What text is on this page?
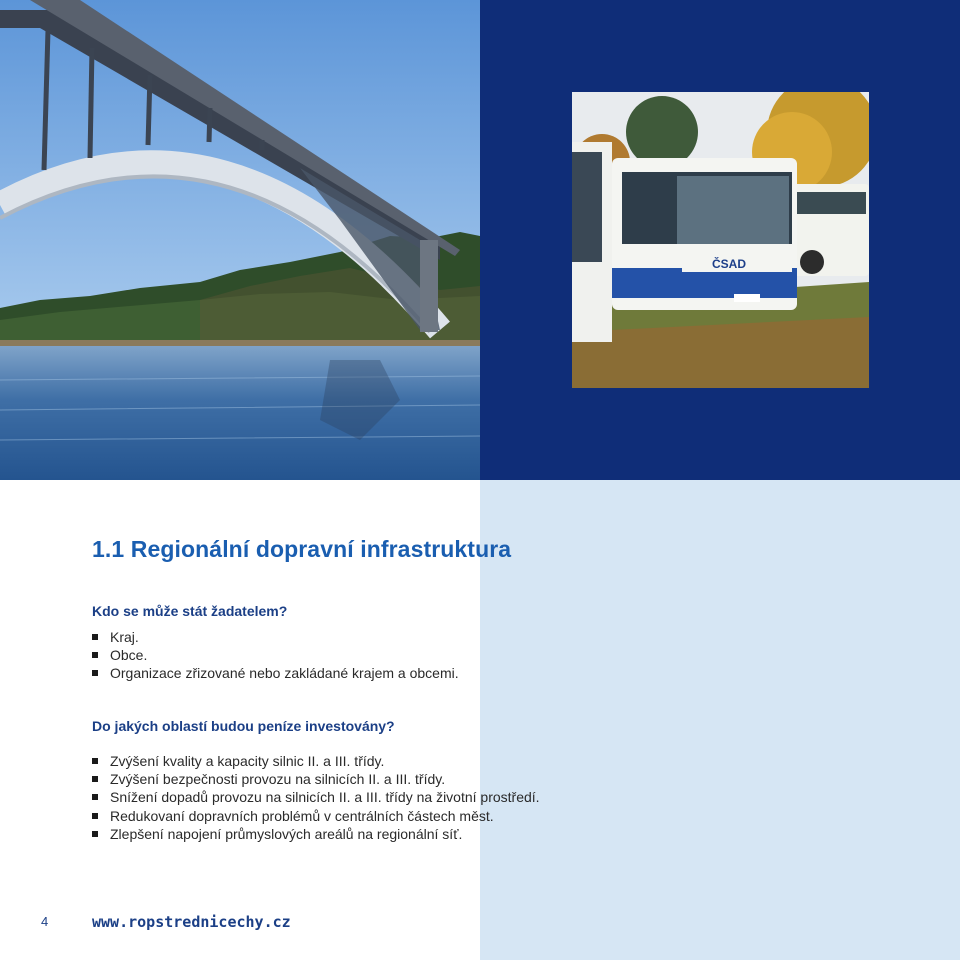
ČSAD
1.1 Regionální dopravní infrastruktura
Kdo se může stát žadatelem?
Kraj.
Obce.
Organizace zřizované nebo zakládané krajem a obcemi.
Do jakých oblastí budou peníze investovány?
Zvýšení kvality a kapacity silnic II. a III. třídy.
Zvýšení bezpečnosti provozu na silnicích II. a III. třídy.
Snížení dopadů provozu na silnicích II. a III. třídy na životní prostředí.
Redukovaní dopravních problémů v centrálních částech měst.
Zlepšení napojení průmyslových areálů na regionální síť.
4	www.ropstrednicechy.cz
